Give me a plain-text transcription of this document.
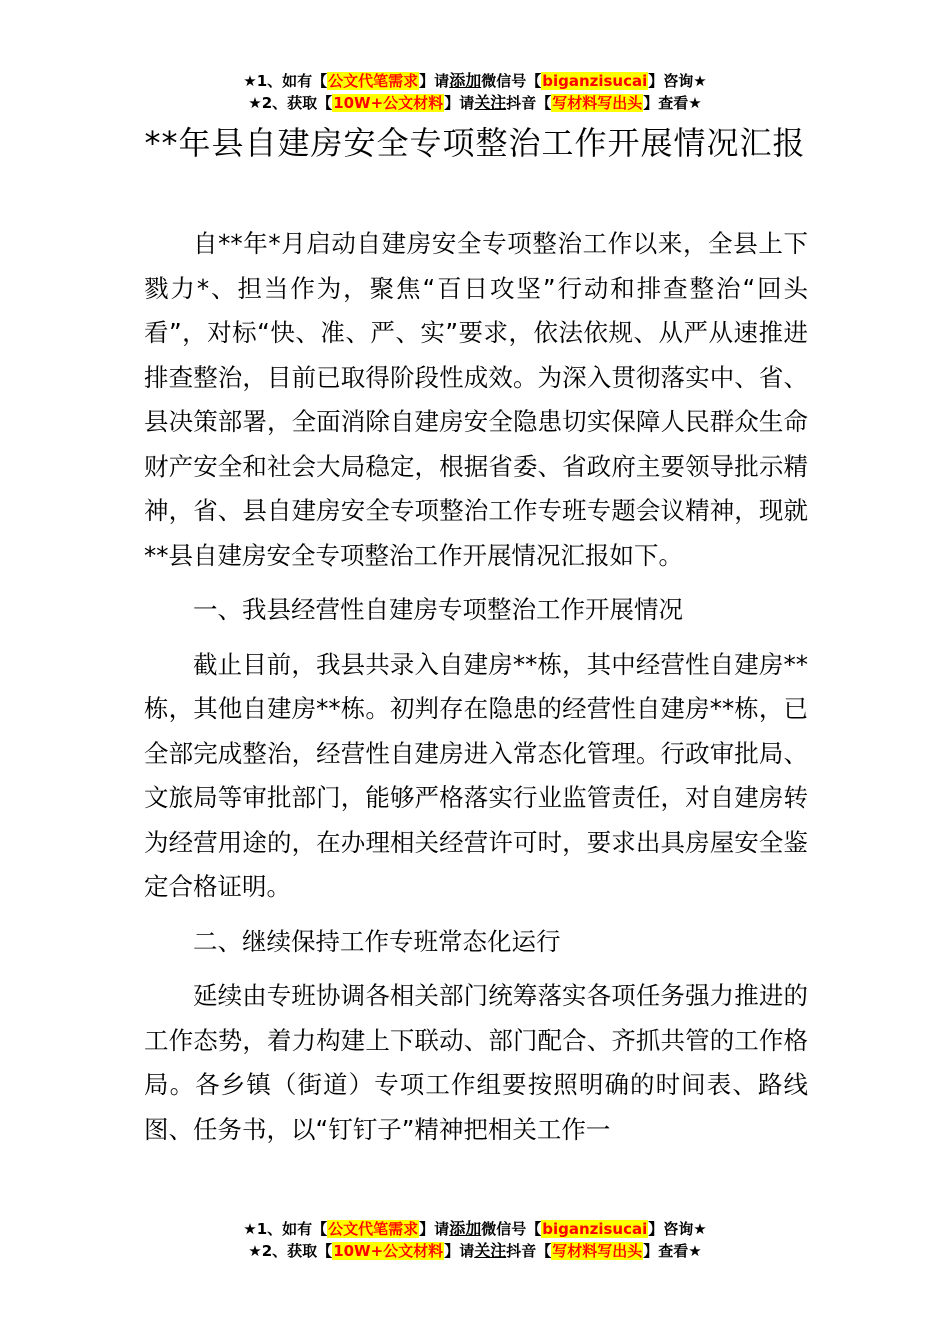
★1、如有【公文代笔需求】请添加微信号【biganzisucai】咨询★
★2、获取【10W+公文材料】请关注抖音【写材料写出头】查看★
**年县自建房安全专项整治工作开展情况汇报

自**年*月启动自建房安全专项整治工作以来，全县上下戮力*、担当作为，聚焦“百日攻坚”行动和排查整治“回头看”，对标“快、准、严、实”要求，依法依规、从严从速推进排查整治，目前已取得阶段性成效。为深入贯彻落实中、省、县决策部署，全面消除自建房安全隐患切实保障人民群众生命财产安全和社会大局稳定，根据省委、省政府主要领导批示精神，省、县自建房安全专项整治工作专班专题会议精神，现就**县自建房安全专项整治工作开展情况汇报如下。

一、我县经营性自建房专项整治工作开展情况

截止目前，我县共录入自建房**栋，其中经营性自建房**栋，其他自建房**栋。初判存在隐患的经营性自建房**栋，已全部完成整治，经营性自建房进入常态化管理。行政审批局、文旅局等审批部门，能够严格落实行业监管责任，对自建房转为经营用途的，在办理相关经营许可时，要求出具房屋安全鉴定合格证明。

二、继续保持工作专班常态化运行

延续由专班协调各相关部门统筹落实各项任务强力推进的工作态势，着力构建上下联动、部门配合、齐抓共管的工作格局。各乡镇（街道）专项工作组要按照明确的时间表、路线图、任务书，以“钉钉子”精神把相关工作一

★1、如有【公文代笔需求】请添加微信号【biganzisucai】咨询★
★2、获取【10W+公文材料】请关注抖音【写材料写出头】查看★
